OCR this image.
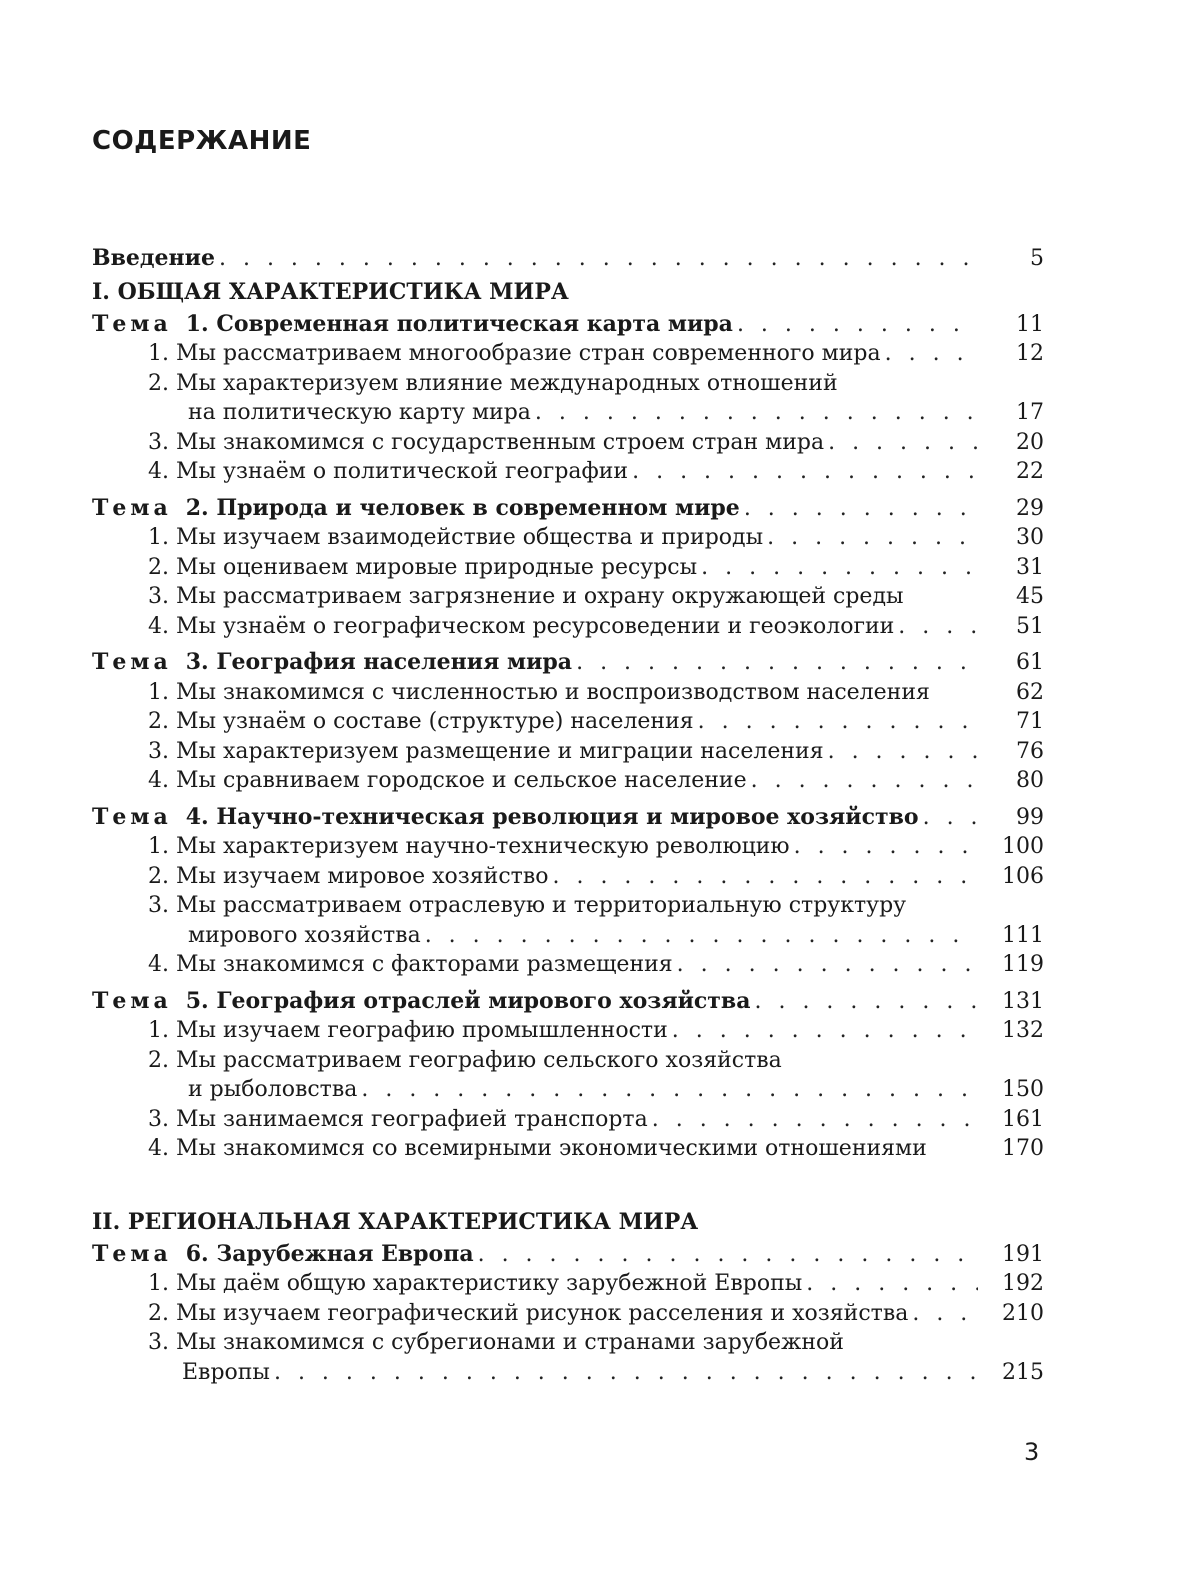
СОДЕРЖАНИЕ
Введение . . .	5
I. ОБЩАЯ ХАРАКТЕРИСТИКА МИРА
Тема 1. Современная политическая карта мира . . .	11
1. Мы рассматриваем многообразие стран современного мира . . .	12
2. Мы характеризуем влияние международных отношений
на политическую карту мира . . .	17
3. Мы знакомимся с государственным строем стран мира . . .	20
4. Мы узнаём о политической географии . . .	22
Тема 2. Природа и человек в современном мире . . .	29
1. Мы изучаем взаимодействие общества и природы . . .	30
2. Мы оцениваем мировые природные ресурсы . . .	31
3. Мы рассматриваем загрязнение и охрану окружающей среды	45
4. Мы узнаём о географическом ресурсоведении и геоэкологии . . .	51
Тема 3. География населения мира . . .	61
1. Мы знакомимся с численностью и воспроизводством населения	62
2. Мы узнаём о составе (структуре) населения . . .	71
3. Мы характеризуем размещение и миграции населения . . .	76
4. Мы сравниваем городское и сельское население . . .	80
Тема 4. Научно-техническая революция и мировое хозяйство . . .	99
1. Мы характеризуем научно-техническую революцию . . .	100
2. Мы изучаем мировое хозяйство . . .	106
3. Мы рассматриваем отраслевую и территориальную структуру
мирового хозяйства . . .	111
4. Мы знакомимся с факторами размещения . . .	119
Тема 5. География отраслей мирового хозяйства . . .	131
1. Мы изучаем географию промышленности . . .	132
2. Мы рассматриваем географию сельского хозяйства
и рыболовства . . .	150
3. Мы занимаемся географией транспорта . . .	161
4. Мы знакомимся со всемирными экономическими отношениями	170
II. РЕГИОНАЛЬНАЯ ХАРАКТЕРИСТИКА МИРА
Тема 6. Зарубежная Европа . . .	191
1. Мы даём общую характеристику зарубежной Европы . . .	192
2. Мы изучаем географический рисунок расселения и хозяйства . . .	210
3. Мы знакомимся с субрегионами и странами зарубежной
Европы . . .	215
3
